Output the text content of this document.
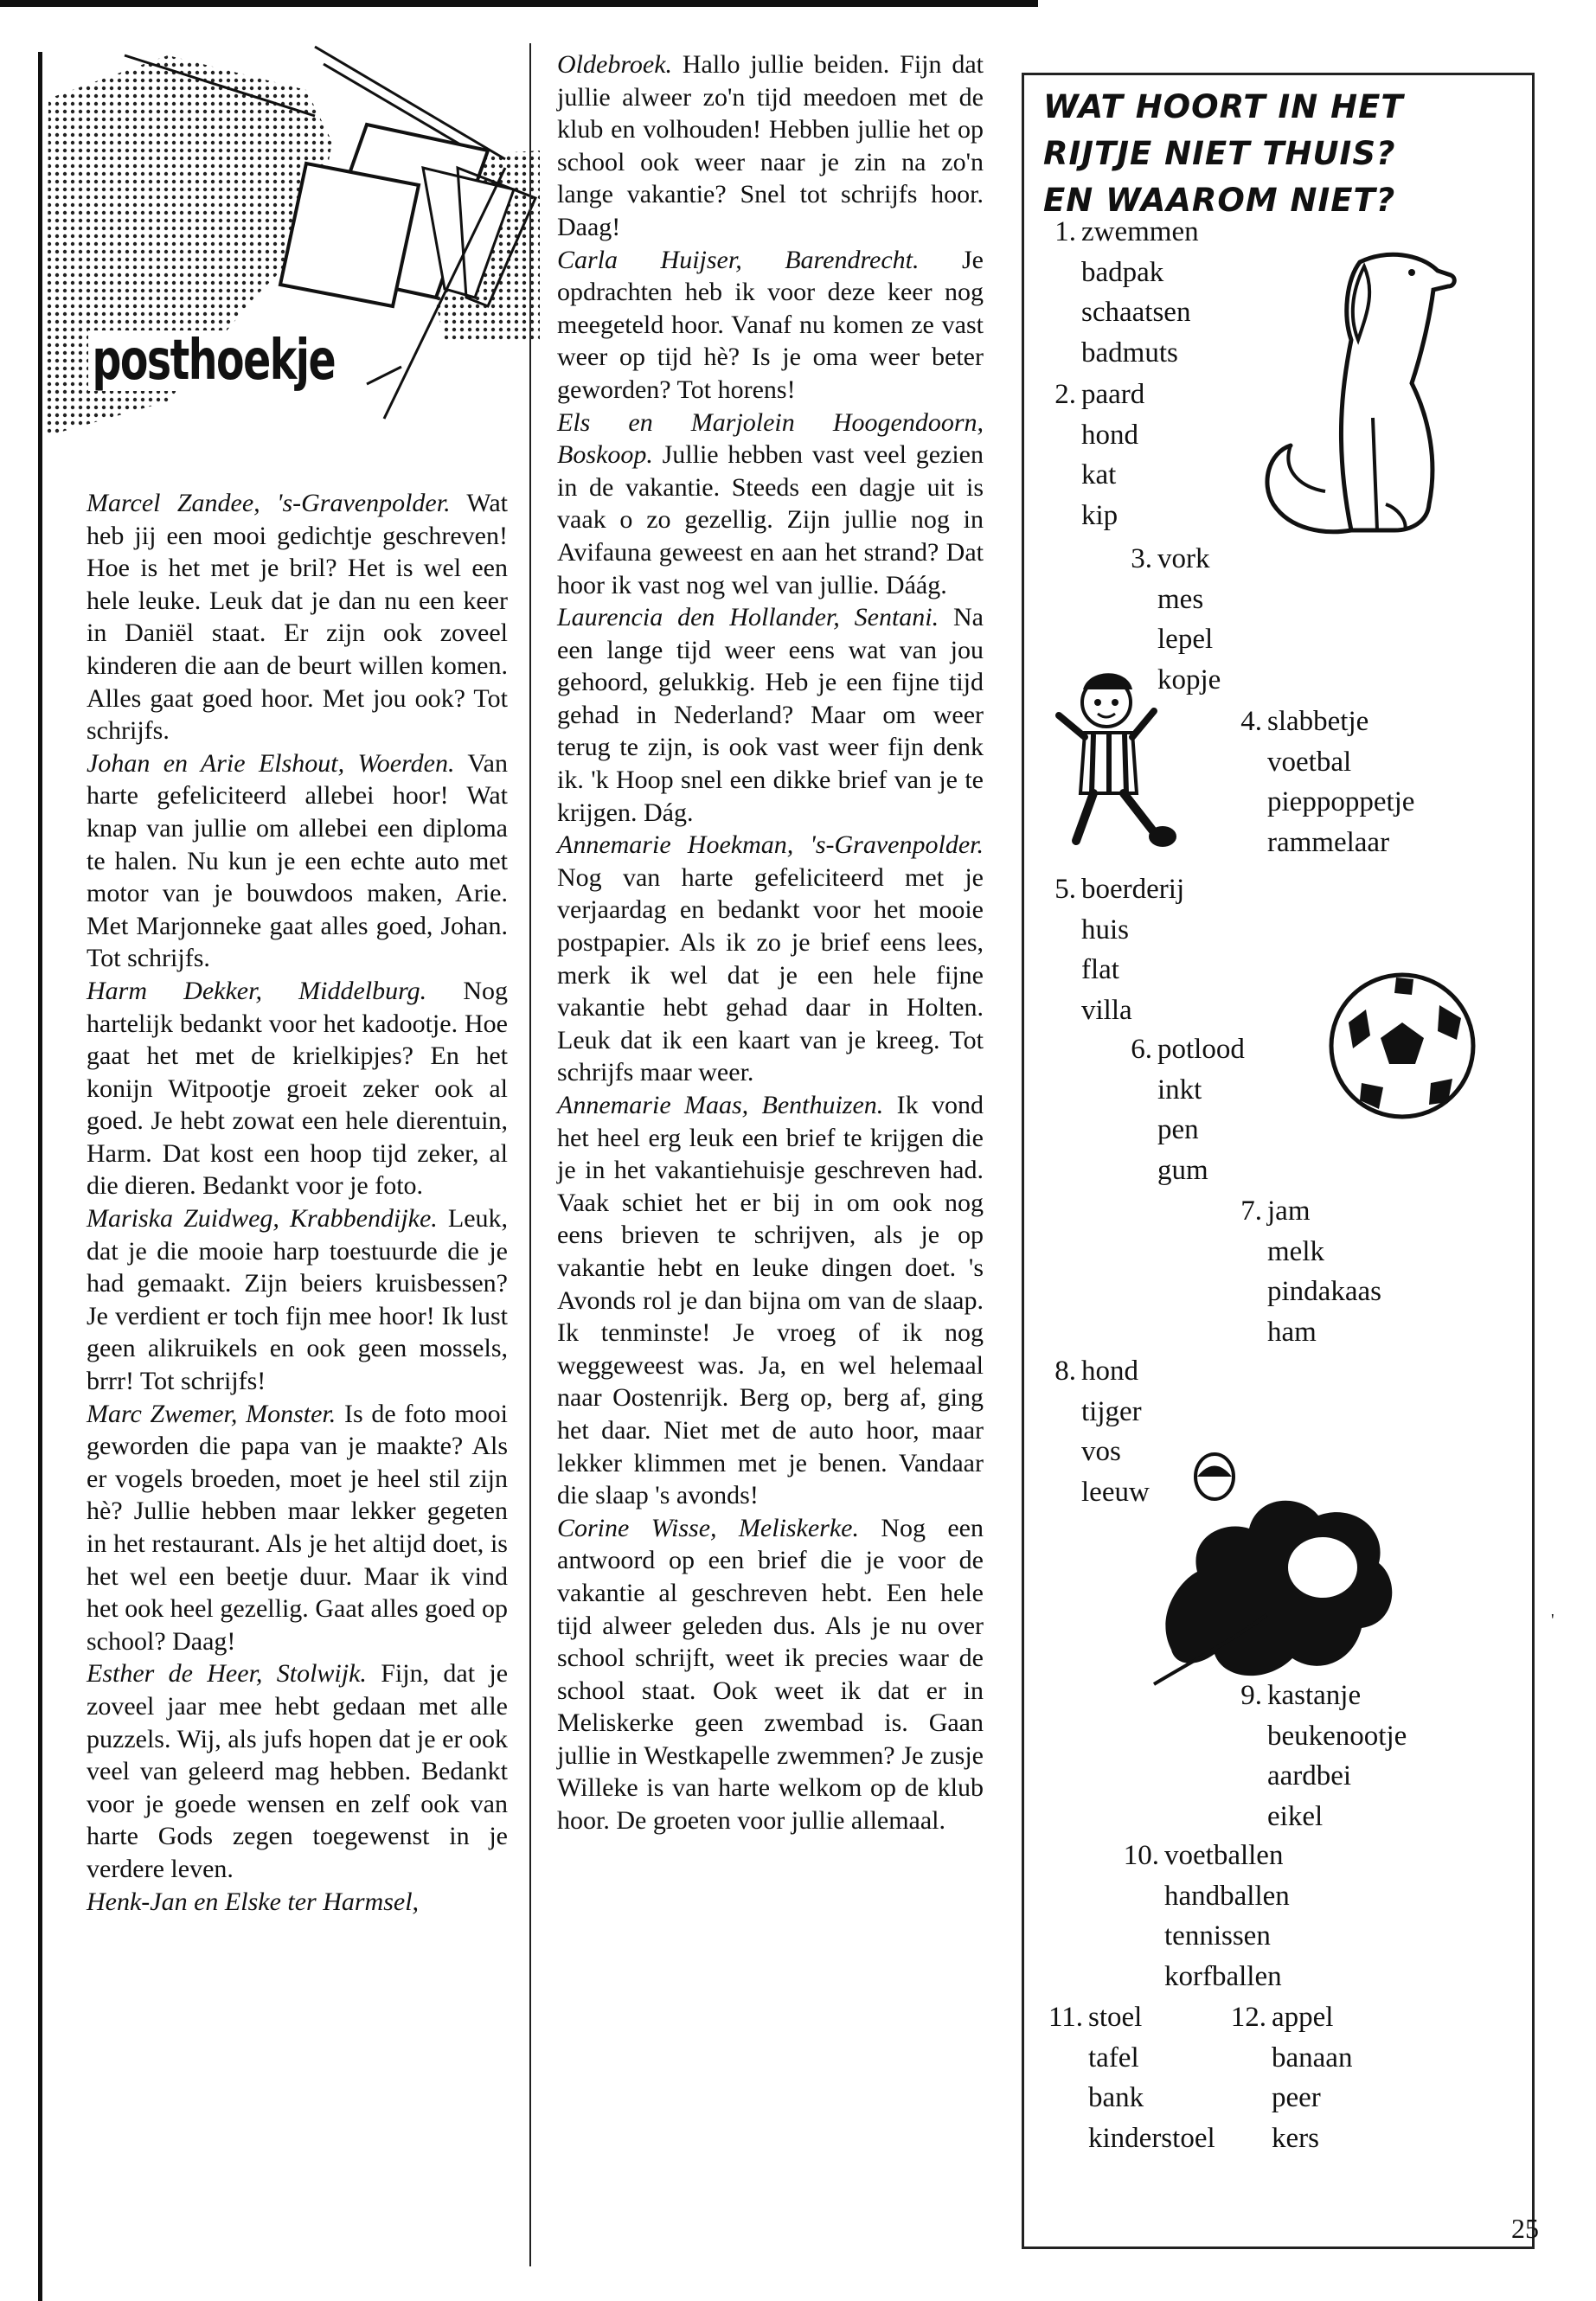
posthoekje

Marcel Zandee, 's-Gravenpolder. Wat heb jij een mooi gedichtje geschreven! Hoe is het met je bril? Het is wel een hele leuke. Leuk dat je dan nu een keer in Daniël staat. Er zijn ook zoveel kinderen die aan de beurt willen komen. Alles gaat goed hoor. Met jou ook? Tot schrijfs.

Johan en Arie Elshout, Woerden. Van harte gefeliciteerd allebei hoor! Wat knap van jullie om allebei een diploma te halen. Nu kun je een echte auto met motor van je bouwdoos maken, Arie. Met Marjonneke gaat alles goed, Johan. Tot schrijfs.

Harm Dekker, Middelburg. Nog hartelijk bedankt voor het kadootje. Hoe gaat het met de krielkipjes? En het konijn Witpootje groeit zeker ook al goed. Je hebt zowat een hele dierentuin, Harm. Dat kost een hoop tijd zeker, al die dieren. Bedankt voor je foto.

Mariska Zuidweg, Krabbendijke. Leuk, dat je die mooie harp toestuurde die je had gemaakt. Zijn beiers kruisbessen? Je verdient er toch fijn mee hoor! Ik lust geen alikruikels en ook geen mossels, brrr! Tot schrijfs!

Marc Zwemer, Monster. Is de foto mooi geworden die papa van je maakte? Als er vogels broeden, moet je heel stil zijn hè? Jullie hebben maar lekker gegeten in het restaurant. Als je het altijd doet, is het wel een beetje duur. Maar ik vind het ook heel gezellig. Gaat alles goed op school? Daag!

Esther de Heer, Stolwijk. Fijn, dat je zoveel jaar mee hebt gedaan met alle puzzels. Wij, als jufs hopen dat je er ook veel van geleerd mag hebben. Bedankt voor je goede wensen en zelf ook van harte Gods zegen toegewenst in je verdere leven.

Henk-Jan en Elske ter Harmsel,

Oldebroek. Hallo jullie beiden. Fijn dat jullie alweer zo'n tijd meedoen met de klub en volhouden! Hebben jullie het op school ook weer naar je zin na zo'n lange vakantie? Snel tot schrijfs hoor. Daag!

Carla Huijser, Barendrecht. Je opdrachten heb ik voor deze keer nog meegeteld hoor. Vanaf nu komen ze vast weer op tijd hè? Is je oma weer beter geworden? Tot horens!

Els en Marjolein Hoogendoorn, Boskoop. Jullie hebben vast veel gezien in de vakantie. Steeds een dagje uit is vaak o zo gezellig. Zijn jullie nog in Avifauna geweest en aan het strand? Dat hoor ik vast nog wel van jullie. Dáág.

Laurencia den Hollander, Sentani. Na een lange tijd weer eens wat van jou gehoord, gelukkig. Heb je een fijne tijd gehad in Nederland? Maar om weer terug te zijn, is ook vast weer fijn denk ik. 'k Hoop snel een dikke brief van je te krijgen. Dág.

Annemarie Hoekman, 's-Gravenpolder. Nog van harte gefeliciteerd met je verjaardag en bedankt voor het mooie postpapier. Als ik zo je brief eens lees, merk ik wel dat je een hele fijne vakantie hebt gehad daar in Holten. Leuk dat ik een kaart van je kreeg. Tot schrijfs maar weer.

Annemarie Maas, Benthuizen. Ik vond het heel erg leuk een brief te krijgen die je in het vakantiehuisje geschreven had. Vaak schiet het er bij in om ook nog eens brieven te schrijven, als je op vakantie hebt en leuke dingen doet. 's Avonds rol je dan bijna om van de slaap. Ik tenminste! Je vroeg of ik nog weggeweest was. Ja, en wel helemaal naar Oostenrijk. Berg op, berg af, ging het daar. Niet met de auto hoor, maar lekker klimmen met je benen. Vandaar die slaap 's avonds!

Corine Wisse, Meliskerke. Nog een antwoord op een brief die je voor de vakantie al geschreven hebt. Een hele tijd alweer geleden dus. Als je nu over school schrijft, weet ik precies waar de school staat. Ook weet ik dat er in Meliskerke geen zwembad is. Gaan jullie in Westkapelle zwemmen? Je zusje Willeke is van harte welkom op de klub hoor. De groeten voor jullie allemaal.

WAT HOORT IN HET
RIJTJE NIET THUIS?
EN WAAROM NIET?
1. zwemmen
badpak
schaatsen
badmuts
2. paard
hond
kat
kip
3. vork
mes
lepel
kopje
4. slabbetje
voetbal
pieppoppetje
rammelaar
5. boerderij
huis
flat
villa
6. potlood
inkt
pen
gum
7. jam
melk
pindakaas
ham
8. hond
tijger
vos
leeuw
9. kastanje
beukenootje
aardbei
eikel
10. voetballen
handballen
tennissen
korfballen
11. stoel
tafel
bank
kinderstoel
12. appel
banaan
peer
kers
25
'
